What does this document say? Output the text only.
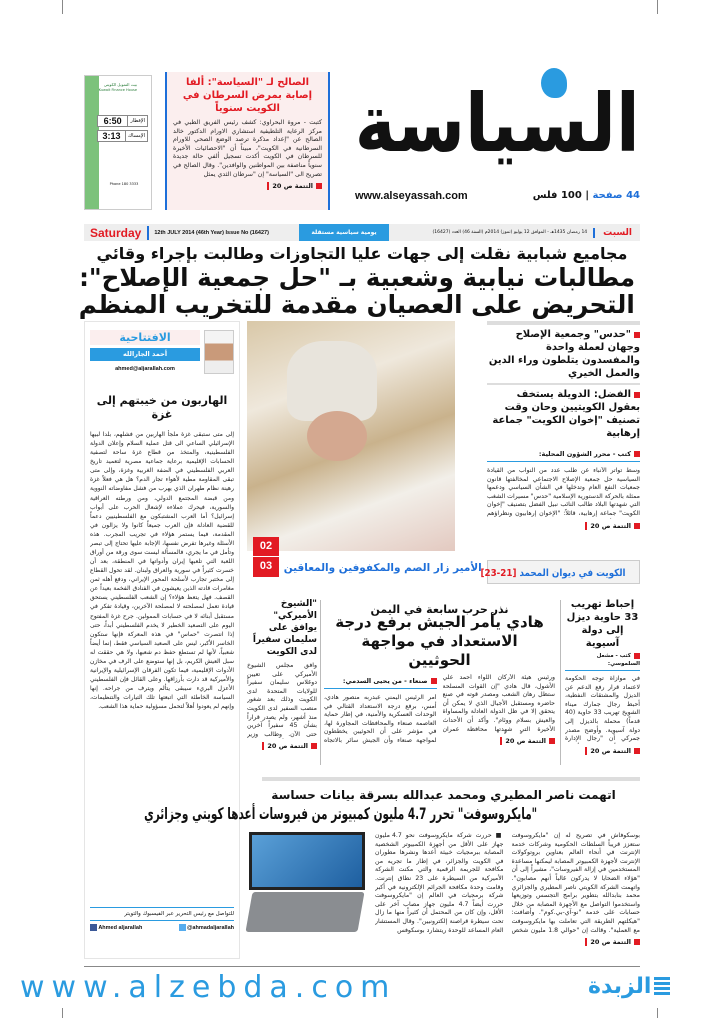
السياسة
www.alseyassah.com	44 صفحة | 100 فلس
الصالح لـ "السياسة": ألفا إصابة بمرض السرطان في الكويت سنوياً
كتبت - مروة البحراوي: كشف رئيس الفريق الطبي في مركز الرعاية التلطيفية استشاري الاورام الدكتور خالد الصالح عن "إعداد مذكرة ترصد الوضع الصحي للاورام السرطانية في الكويت"، مبيناً أن "الاحصائيات الأخيرة للسرطان في الكويت أكدت تسجيل ألفي حالة جديدة سنوياً مناصفة بين المواطنين والوافدين". وقال الصالح في تصريح الى "السياسة" إن "سرطان الثدي يمثل
التتمة ص 20
بيت التمويل الكويتي
Kuwait Finance House
6:50	الإفطار
3:13	الإمساك
Phone 180 3333
Saturday	12th JULY 2014 (46th Year) Issue No (16427)	يومية سياسية مستقلة	14 رمضان 1435هـ - الموافق 12 يوليو (تموز) 2014م (السنة 46) العدد (16427)	السبت
مجاميع شبابية نقلت إلى جهات عليا التجاوزات وطالبت بإجراء وقائي
مطالبات نيابية وشعبية بـ "حل جمعية الإصلاح":
التحريض على العصيان مقدمة للتخريب المنظم
"حدس" وجمعية الإصلاح وجهان لعملة واحدة والمفسدون يتلطون وراء الدين والعمل الخيري
الفضل: الدويلة يستخف بعقول الكويتيين وحان وقت تصنيف "إخوان الكويت" جماعة إرهابية
كتب - محرر الشؤون المحلية:
وسط تواتر الأنباء عن طلب عدد من النواب من القيادة السياسية حل جمعية الإصلاح الاجتماعي لمخالفتها قانون جمعيات النفع العام وتدخلها في الشأن السياسي ودعمها ممثلة بالحركة الدستورية الإسلامية "حدس" مسيرات الشغب التي شهدتها البلاد طالب النائب نبيل الفضل بتصنيف "إخوان الكويت" جماعة إرهابية، قائلاً: "الإخوان إرهابيون ونظراؤهم
التتمة ص 20
الكويت في ديوان المحمد [21-23]
02
03	الأمير زار الصم والمكفوفين والمعاقين
الافتتاحية
أحمد الجارالله
ahmed@aljarallah.com
الهاربون من خيبتهم إلى غزة
إلى متى ستبقى غزة ملجأ الهاربين من فشلهم، بلدا لبيها الإسرائيلي الساعي الى قتل عملية السلام وإعلان الدولة الفلسطينية، والمتخذ من قطاع غزة ساحة لتصفية الحسابات الإقليمية برعاية جماعية مصرية لتعميد تاريخ العربي الفلسطيني في الضفة الغربية وغزة، وإلى متى تبقى المقاومة مطية لأهواء تجار الدم؟ هل هي فعلاً غزة رهينة نظام طهران الذي يهرب من فشل مفاوضاته النووية ومن قبضة المجتمع الدولي، ومن ورطته العراقية والسورية، فيحرك عملاءه لإشعال الحرب على أبواب إسرائيل؟ أما العرب المشتبكون مع الفلسطينيين دعماً للقضية العادلة فإن العرب جميعاً كانوا ولا يزالون في المقدمة، فيما يستمر هؤلاء في تجريب المجرب. هذه الأسئلة وغيرها تفرض نفسها، الإجابة عليها تحتاج إلى تبصر وتأمل في ما يجري، فالمسألة ليست سوى ورقة من أوراق اللعبة التي تلعبها إيران وأدواتها في المنطقة، بعد أن خسرت كثيراً في سورية والعراق ولبنان. لقد تحول القطاع إلى مختبر تجارب لأسلحة المحور الإيراني، ودفع أهله ثمن مغامرات قادته الذين يعيشون في الفنادق الفخمة بعيداً عن القصف. فهل يتعظ هؤلاء؟ إن الشعب الفلسطيني يستحق قيادة تعمل لمصلحته لا لمصلحة الآخرين، وقيادة تفكر في مستقبل أبنائه لا في حسابات الممولين. جرح غزة المفتوح اليوم على التصعيد الخطير لا يخدم الفلسطيني أبداً، حتى إذا انتصرت "حماس" في هذه المعركة فإنها ستكون الخاسر الأكبر، ليس على الصعيد السياسي فقط، إنما أيضاً شعبياً، لأنها لم تستطع حفظ دم شعبها، ولا هي حققت له سبل العيش الكريم، بل إنها ستوضع على الرف في مخازن الأدوات الإقليمية، فيما تكون الفرقان الإسرائيلية والإيرانية والأميركية قد دارت بأرزاقها. وعلى القائل فإن الفلسطيني الأعزل البريء سيبقى يتألم ويترف من جراحه. إنها السياسة الخاطئة التي اتبعتها تلك التيارات والتنظيمات، وإنهم لم يعودوا أهلاً لتحمل مسؤولية حماية هذا الشعب.
للتواصل مع رئيس التحرير عبر الفيسبوك والتويتر
Ahmed aljarallah	@ahmadaljarallah
"الشيوخ الأميركي" يوافق على سليمان سفيراً لدى الكويت
وافق مجلس الشيوخ الأميركي على تعيين دوغلاس سليمان سفيراً للولايات المتحدة لدى الكويت وذلك بعد شغور منصب السفير لدى الكويت منذ أشهر، ولم يصدر قراراً بشأن 45 سفيراً آخرين حتى الآن. وطالب وزير
التتمة ص 20
نذر حرب سابعة في اليمن
هادي يأمر الجيش برفع درجة الاستعداد في مواجهة الحوثيين
صنعاء - من يحيى السدمي:
أمر الرئيس اليمني عبدربه منصور هادي، أمس، برفع درجة الاستعداد القتالي في الوحدات العسكرية والأمنية، في إطار حماية العاصمة صنعاء والمحافظات المجاورة لها، في مؤشر على أن الحوثيين يخططون لمواجهة صنعاء وأن الجيش سائر بالاتجاه
ورئيس هيئة الأركان اللواء أحمد علي الأشول، قال هادي "إن القوات المسلحة ستظل رهان الشعب ومصدر قوته في صنع حاضره ومستقبل الأجيال الذي لا يمكن أن يتحقق إلا في ظل الدولة العادلة والمساواة والعيش بسلام ووئام". وأكد أن الأحداث الأخيرة التي شهدتها محافظة عمران
التتمة ص 20
إحباط تهريب 33 حاوية ديزل إلى دولة آسيوية
كتب - مشعل السلموسي:
في موازاة توجه الحكومة لاعتماد قرار رفع الدعم عن الديزل والمشتقات النفطية، أحبط رجال جمارك ميناء الشويخ تهريب 33 حاوية (40 قدماً) محملة بالديزل إلى دولة آسيوية. وأوضح مصدر جمركي أن "رجال الإدارة
التتمة ص 20
اتهمت ناصر المطيري ومحمد عبدالله بسرقة بيانات حساسة
"مايكروسوفت" تحرر 4.7 مليون كمبيوتر من فيروسات أعدها كويتي وجزائري
■ حررت شركة مايكروسوفت نحو 4.7 مليون جهاز على الأقل من أجهزة الكمبيوتر الشخصية المصابة ببرمجيات خبيثة أعدها ونشرها مطوران في الكويت والجزائر، في إطار ما تجريه من مكافحة للجريمة الرقمية والتي مكنت الشركة الأميركية من السيطرة على 23 نطاق إنترنت. وقامت وحدة مكافحة الجرائم الإلكترونية في أكبر شركة برمجيات في العالم إن "مايكروسوفت حررت أيضاً 4.7 مليون جهاز مصاب آخر على الأقل، وإن كان من المحتمل أن كثيراً منها ما زال تحت سيطرة قراصنة إلكترونيين". وقال المستشار العام المساعد للوحدة ريتشارد بوسكوفس
بوسكوفاش في تصريح له إن "مايكروسوفت ستعزز قريباً السلطات الحكومية وشركات خدمة الإنترنت في أنحاء العالم بعناوين بروتوكولات الإنترنت لأجهزة الكمبيوتر المصابة ليمكنها مساعدة المستخدمين في إزالة الفيروسات"، مشيراً إلى أن "هؤلاء الضحايا لا يدركون غالباً أنهم مصابون". واتهمت الشركة الكويتي ناصر المطيري والجزائري محمد بنابدالله بتطوير برامج التجسس وتوزيعها واستخدموا التواصل مع الأجهزة المصابة من خلال حسابات على خدمة "نو-آي-بي.كوم". وأضافت: "هيكلتهم الطريقة التي تعاملت بها مايكروسوفت مع العملية". وقالت إن "حوالي 1.8 مليون شخص
التتمة ص 20
www.alzebda.com	الزبدة
